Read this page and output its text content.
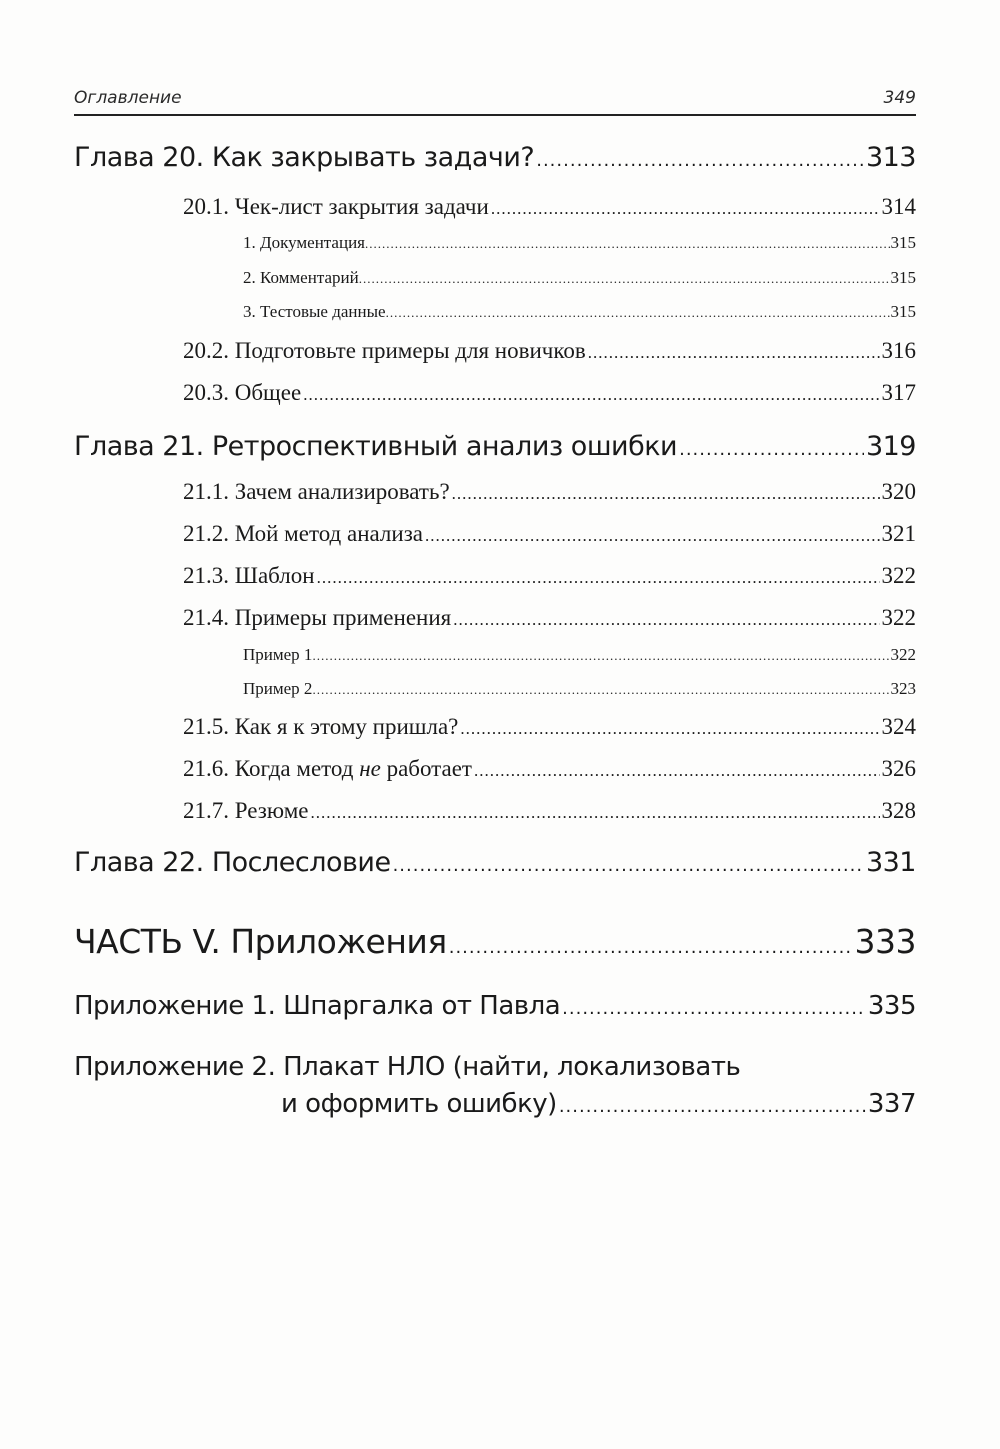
Оглавление	349
Глава 20. Как закрывать задачи? .....	313
20.1. Чек-лист закрытия задачи .....	314
1. Документация .....	315
2. Комментарий .....	315
3. Тестовые данные .....	315
20.2. Подготовьте примеры для новичков .....	316
20.3. Общее .....	317
Глава 21. Ретроспективный анализ ошибки .....	319
21.1. Зачем анализировать? .....	320
21.2. Мой метод анализа .....	321
21.3. Шаблон .....	322
21.4. Примеры применения .....	322
Пример 1 .....	322
Пример 2 .....	323
21.5. Как я к этому пришла? .....	324
21.6. Когда метод не работает .....	326
21.7. Резюме .....	328
Глава 22. Послесловие .....	331
ЧАСТЬ V. Приложения .....	333
Приложение 1. Шпаргалка от Павла .....	335
Приложение 2. Плакат НЛО (найти, локализовать
и оформить ошибку) .....	337
